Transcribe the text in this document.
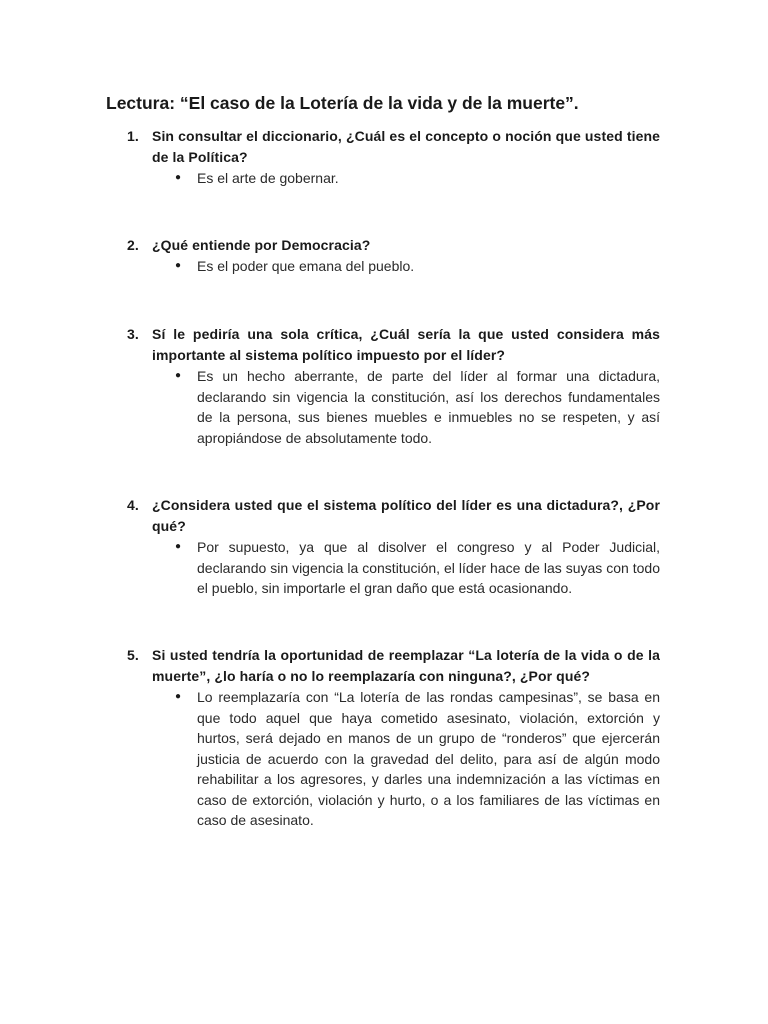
Lectura: “El caso de la Lotería de la vida y de la muerte”.
1. Sin consultar el diccionario, ¿Cuál es el concepto o noción que usted tiene de la Política?
● Es el arte de gobernar.
2. ¿Qué entiende por Democracia?
● Es el poder que emana del pueblo.
3. Sí le pediría una sola crítica, ¿Cuál sería la que usted considera más importante al sistema político impuesto por el líder?
● Es un hecho aberrante, de parte del líder al formar una dictadura, declarando sin vigencia la constitución, así los derechos fundamentales de la persona, sus bienes muebles e inmuebles no se respeten, y así apropiándose de absolutamente todo.
4. ¿Considera usted que el sistema político del líder es una dictadura?, ¿Por qué?
● Por supuesto, ya que al disolver el congreso y al Poder Judicial, declarando sin vigencia la constitución, el líder hace de las suyas con todo el pueblo, sin importarle el gran daño que está ocasionando.
5. Si usted tendría la oportunidad de reemplazar “La lotería de la vida o de la muerte”, ¿lo haría o no lo reemplazaría con ninguna?, ¿Por qué?
● Lo reemplazaría con “La lotería de las rondas campesinas”, se basa en que todo aquel que haya cometido asesinato, violación, extorción y hurtos, será dejado en manos de un grupo de “ronderos” que ejercerán justicia de acuerdo con la gravedad del delito, para así de algún modo rehabilitar a los agresores, y darles una indemnización a las víctimas en caso de extorción, violación y hurto, o a los familiares de las víctimas en caso de asesinato.
